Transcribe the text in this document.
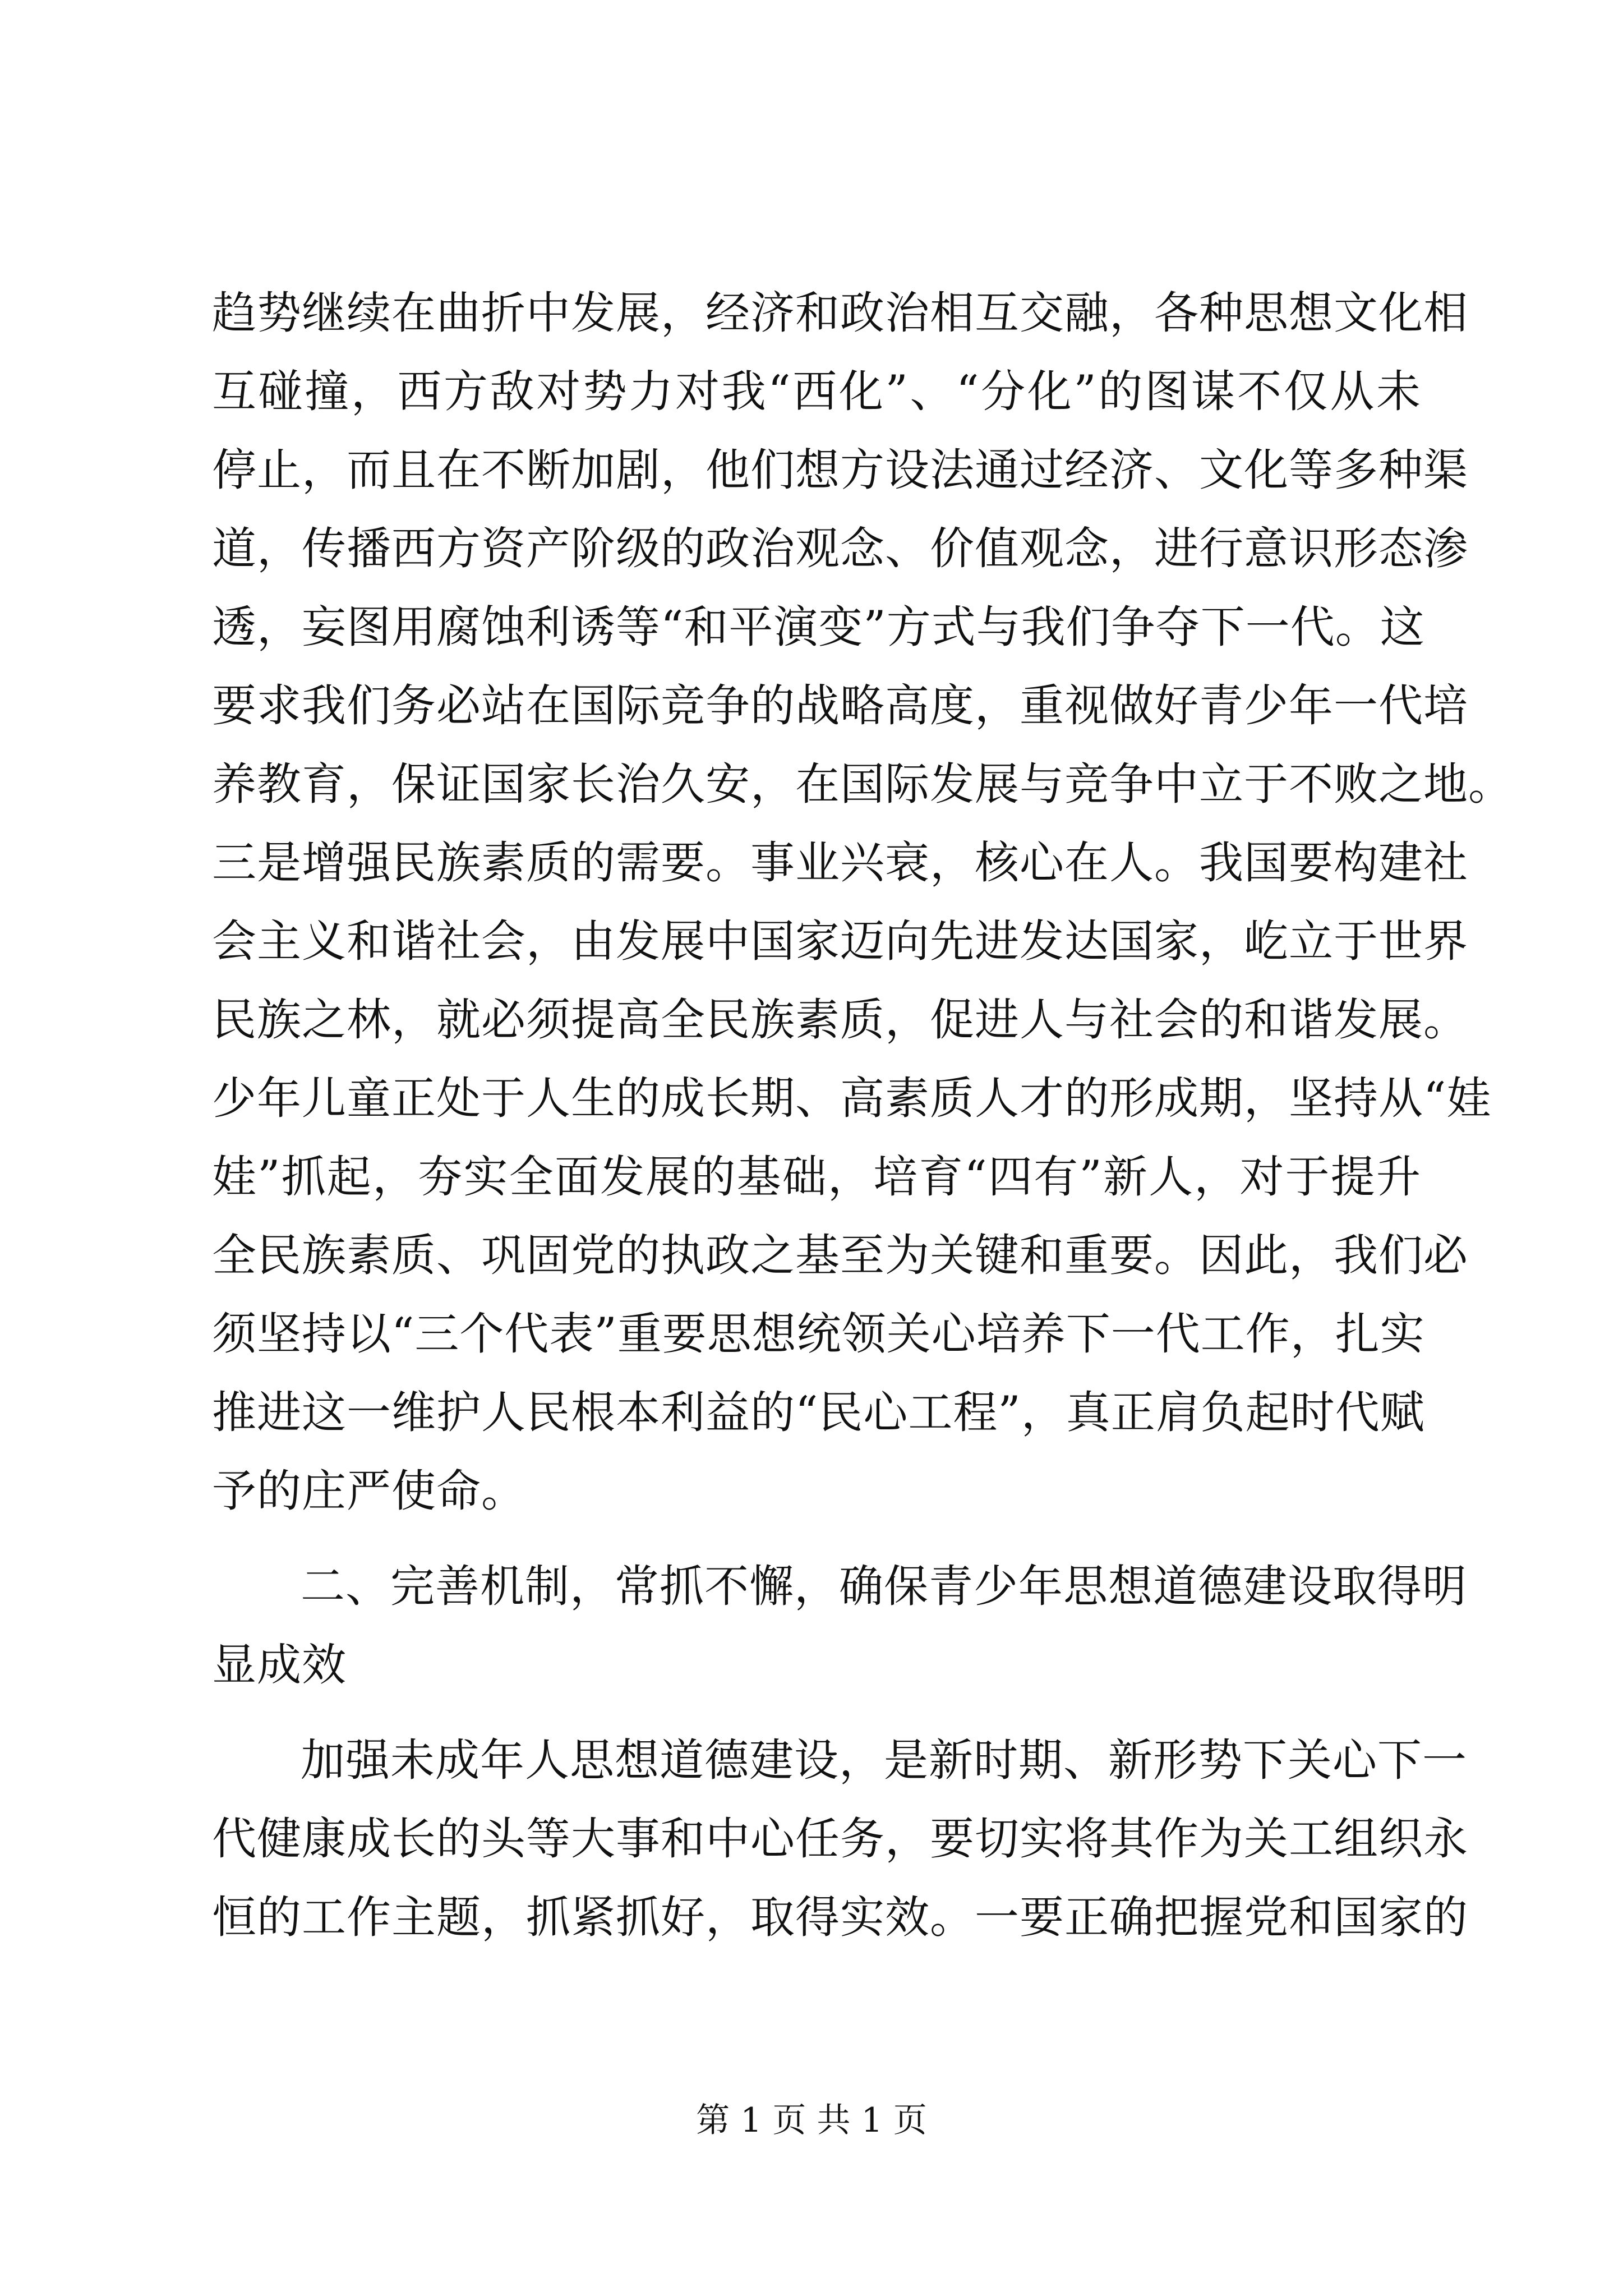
趋势继续在曲折中发展，经济和政治相互交融，各种思想文化相
互碰撞，西方敌对势力对我“西化”、“分化”的图谋不仅从未
停止，而且在不断加剧，他们想方设法通过经济、文化等多种渠
道，传播西方资产阶级的政治观念、价值观念，进行意识形态渗
透，妄图用腐蚀利诱等“和平演变”方式与我们争夺下一代。这
要求我们务必站在国际竞争的战略高度，重视做好青少年一代培
养教育，保证国家长治久安，在国际发展与竞争中立于不败之地。
三是增强民族素质的需要。事业兴衰，核心在人。我国要构建社
会主义和谐社会，由发展中国家迈向先进发达国家，屹立于世界
民族之林，就必须提高全民族素质，促进人与社会的和谐发展。
少年儿童正处于人生的成长期、高素质人才的形成期，坚持从“娃
娃”抓起，夯实全面发展的基础，培育“四有”新人，对于提升
全民族素质、巩固党的执政之基至为关键和重要。因此，我们必
须坚持以“三个代表”重要思想统领关心培养下一代工作，扎实
推进这一维护人民根本利益的“民心工程”，真正肩负起时代赋
予的庄严使命。
二、完善机制，常抓不懈，确保青少年思想道德建设取得明
显成效
加强未成年人思想道德建设，是新时期、新形势下关心下一
代健康成长的头等大事和中心任务，要切实将其作为关工组织永
恒的工作主题，抓紧抓好，取得实效。一要正确把握党和国家的
第 1 页 共 1 页
